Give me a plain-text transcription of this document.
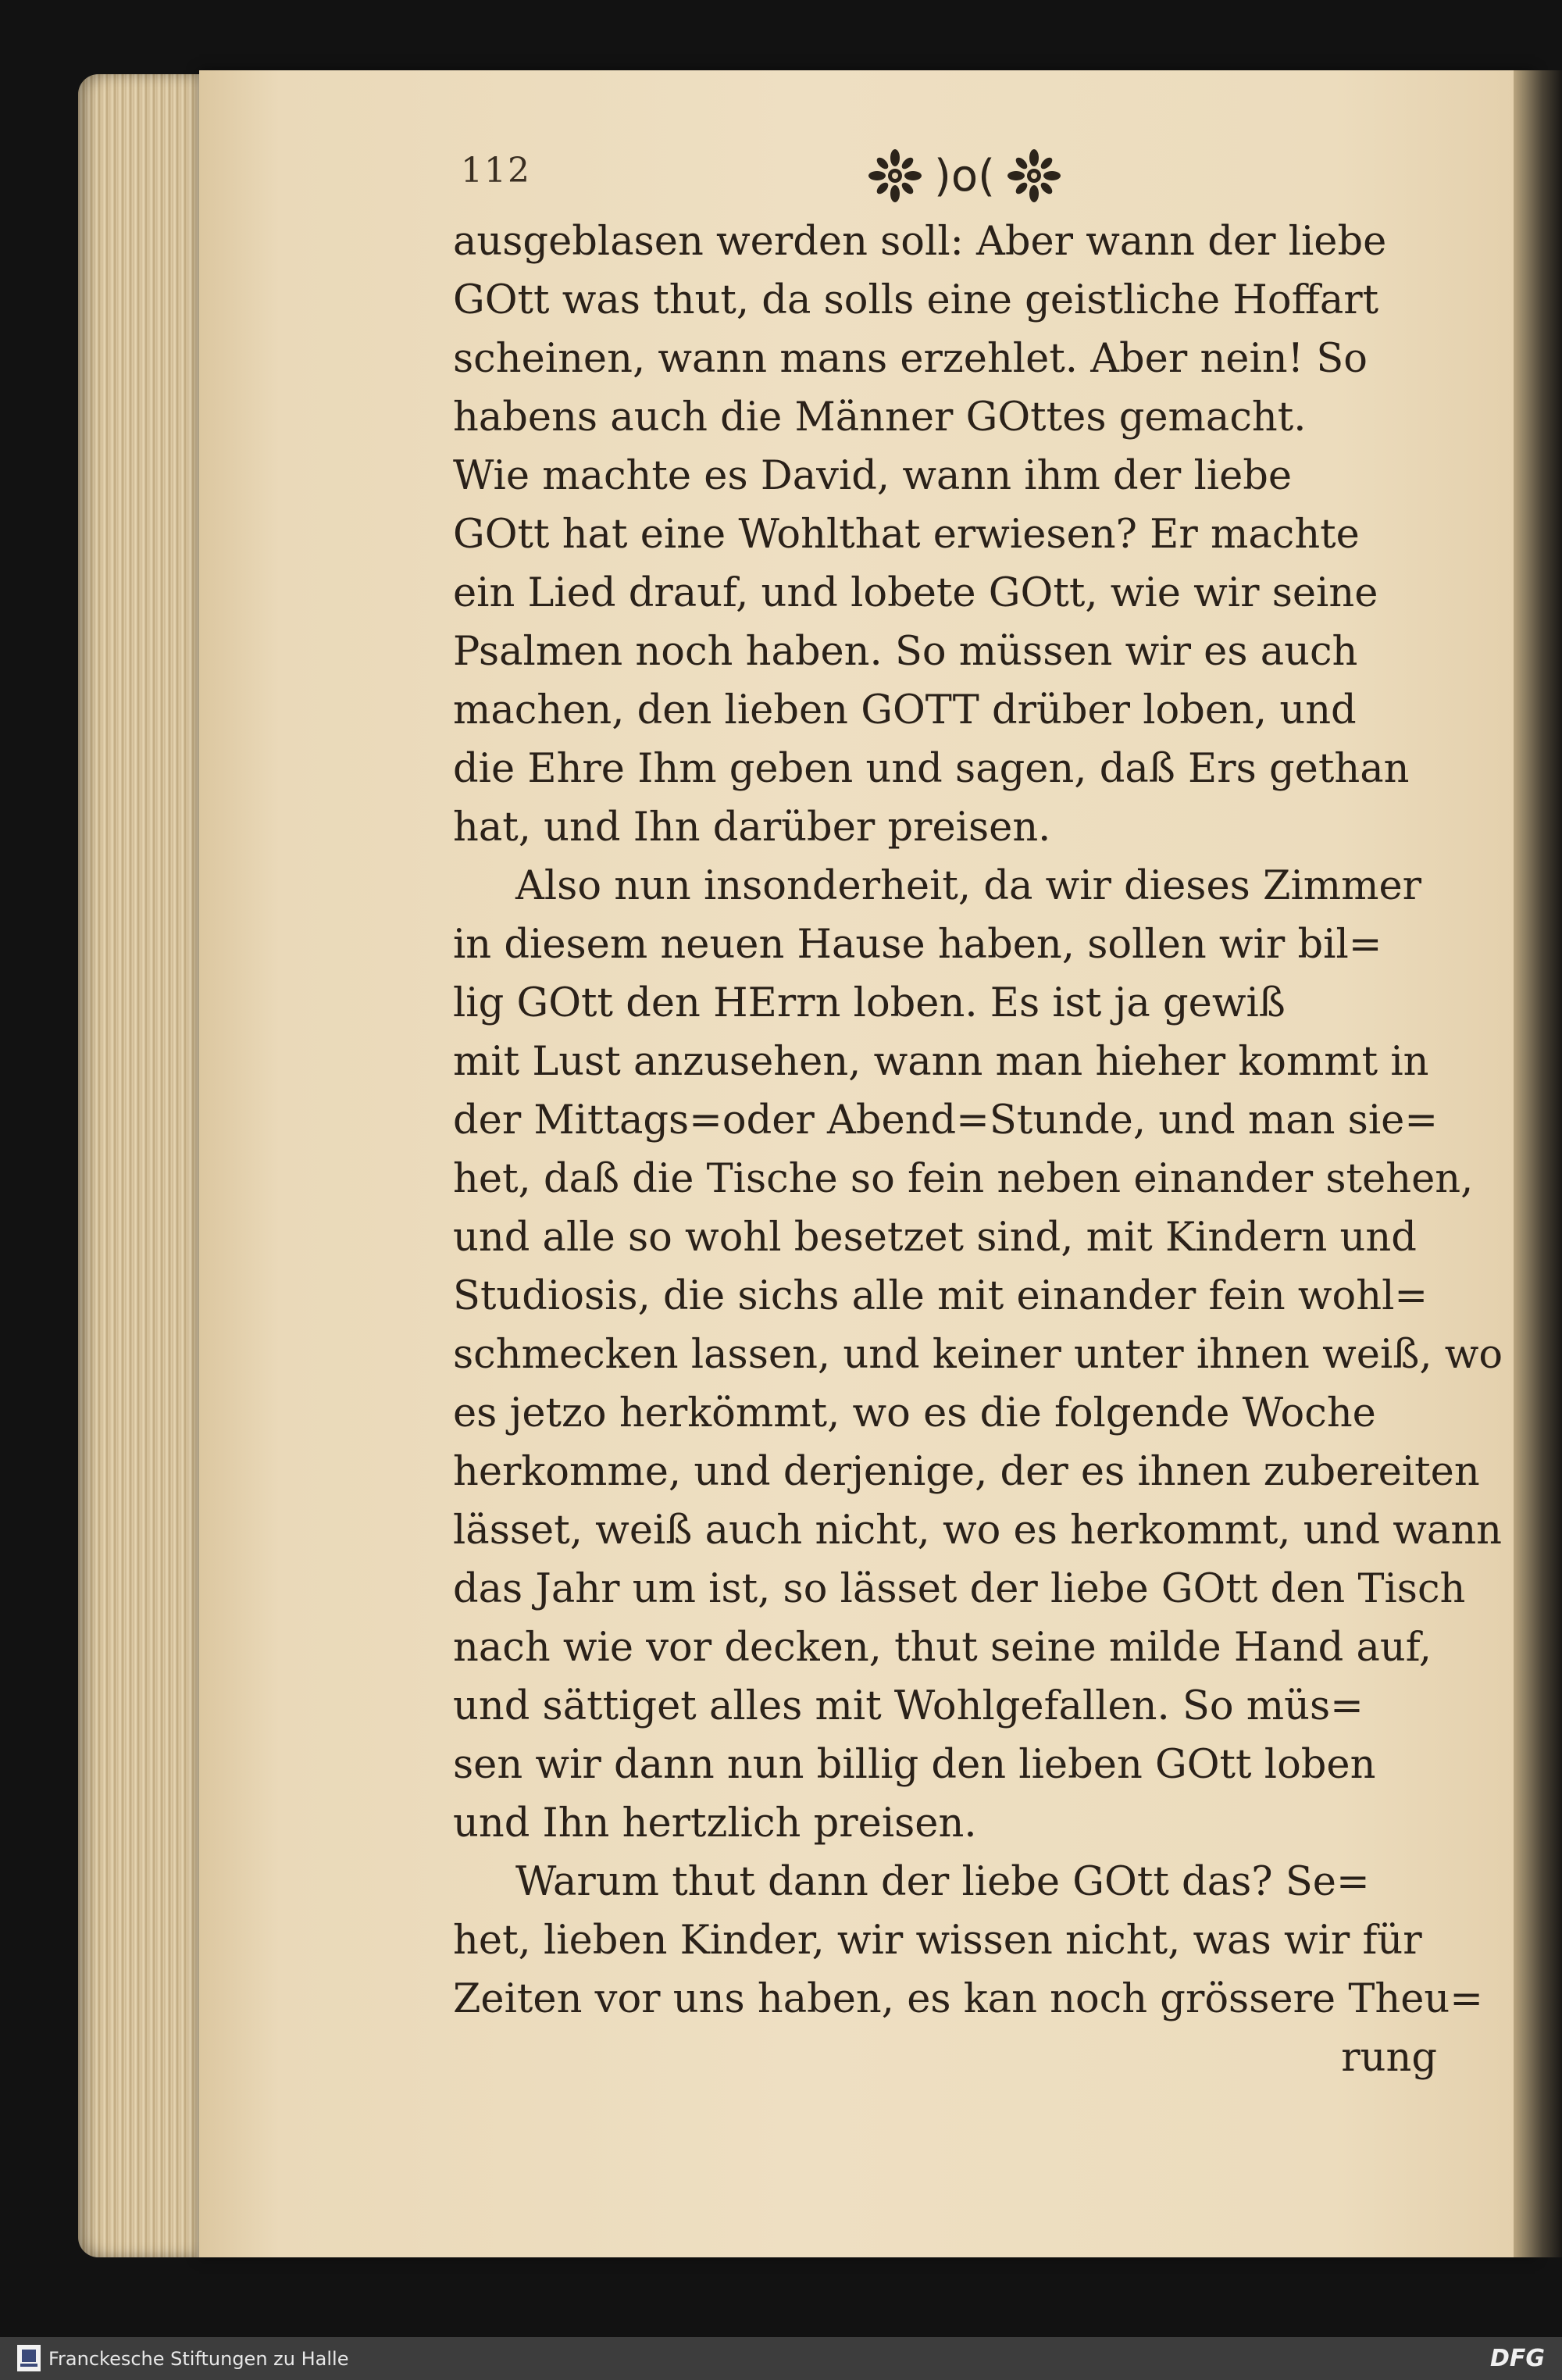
112	)o(
ausgeblasen werden soll: Aber wann der liebe
GOtt was thut, da solls eine geistliche Hoffart
scheinen, wann mans erzehlet. Aber nein! So
habens auch die Männer GOttes gemacht.
Wie machte es David, wann ihm der liebe
GOtt hat eine Wohlthat erwiesen? Er machte
ein Lied drauf, und lobete GOtt, wie wir seine
Psalmen noch haben. So müssen wir es auch
machen, den lieben GOTT drüber loben, und
die Ehre Ihm geben und sagen, daß Ers gethan
hat, und Ihn darüber preisen.
Also nun insonderheit, da wir dieses Zimmer
in diesem neuen Hause haben, sollen wir bil=
lig GOtt den HErrn loben. Es ist ja gewiß
mit Lust anzusehen, wann man hieher kommt in
der Mittags=oder Abend=Stunde, und man sie=
het, daß die Tische so fein neben einander stehen,
und alle so wohl besetzet sind, mit Kindern und
Studiosis, die sichs alle mit einander fein wohl=
schmecken lassen, und keiner unter ihnen weiß, wo
es jetzo herkömmt, wo es die folgende Woche
herkomme, und derjenige, der es ihnen zubereiten
lässet, weiß auch nicht, wo es herkommt, und wann
das Jahr um ist, so lässet der liebe GOtt den Tisch
nach wie vor decken, thut seine milde Hand auf,
und sättiget alles mit Wohlgefallen. So müs=
sen wir dann nun billig den lieben GOtt loben
und Ihn hertzlich preisen.
Warum thut dann der liebe GOtt das? Se=
het, lieben Kinder, wir wissen nicht, was wir für
Zeiten vor uns haben, es kan noch grössere Theu=
rung
Franckesche Stiftungen zu Halle	DFG
